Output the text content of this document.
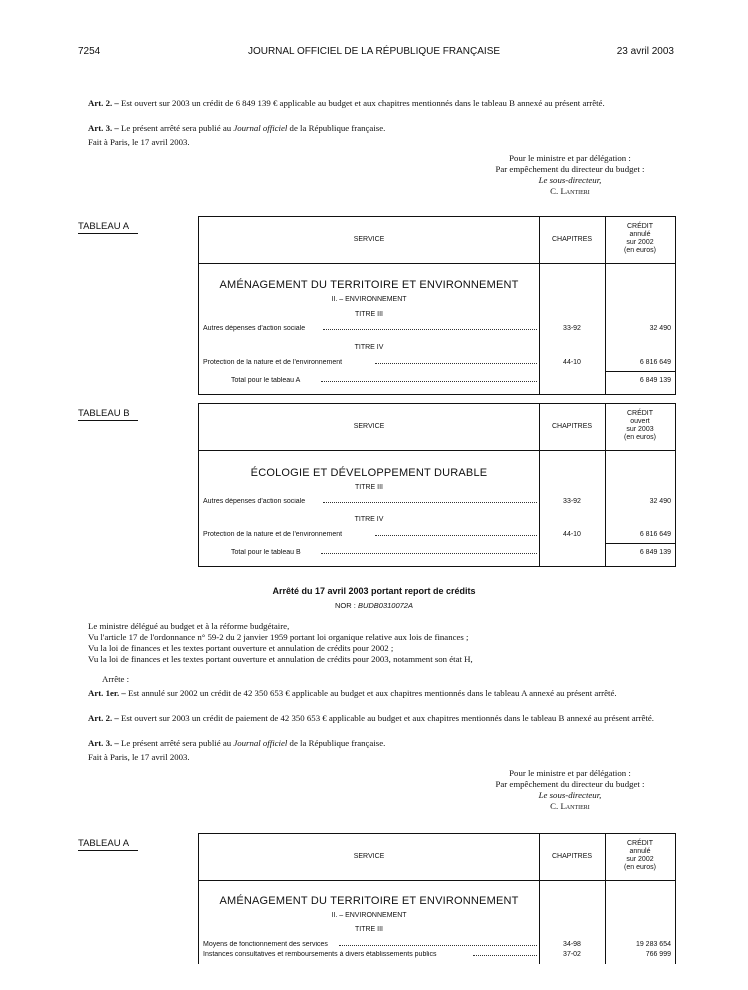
7254	JOURNAL OFFICIEL DE LA RÉPUBLIQUE FRANÇAISE	23 avril 2003
Art. 2. – Est ouvert sur 2003 un crédit de 6 849 139 € applicable au budget et aux chapitres mentionnés dans le tableau B annexé au présent arrêté.
Art. 3. – Le présent arrêté sera publié au Journal officiel de la République française.
Fait à Paris, le 17 avril 2003.
Pour le ministre et par délégation :
Par empêchement du directeur du budget :
Le sous-directeur,
C. Lantieri
TABLEAU A
SERVICE	CHAPITRES
CRÉDIT
annulé
sur 2002
(en euros)
AMÉNAGEMENT DU TERRITOIRE ET ENVIRONNEMENT
II. – ENVIRONNEMENT
TITRE III
Autres dépenses d'action sociale	33-92	32 490
TITRE IV
Protection de la nature et de l'environnement	44-10	6 816 649
Total pour le tableau A	6 849 139
TABLEAU B
SERVICE	CHAPITRES
CRÉDIT
ouvert
sur 2003
(en euros)
ÉCOLOGIE ET DÉVELOPPEMENT DURABLE
TITRE III
Autres dépenses d'action sociale	33-92	32 490
TITRE IV
Protection de la nature et de l'environnement	44-10	6 816 649
Total pour le tableau B	6 849 139
Arrêté du 17 avril 2003 portant report de crédits
NOR : BUDB0310072A
Le ministre délégué au budget et à la réforme budgétaire,
Vu l'article 17 de l'ordonnance n° 59-2 du 2 janvier 1959 portant loi organique relative aux lois de finances ;
Vu la loi de finances et les textes portant ouverture et annulation de crédits pour 2002 ;
Vu la loi de finances et les textes portant ouverture et annulation de crédits pour 2003, notamment son état H,
Arrête :
Art. 1er. – Est annulé sur 2002 un crédit de 42 350 653 € applicable au budget et aux chapitres mentionnés dans le tableau A annexé au présent arrêté.
Art. 2. – Est ouvert sur 2003 un crédit de paiement de 42 350 653 € applicable au budget et aux chapitres mentionnés dans le tableau B annexé au présent arrêté.
Art. 3. – Le présent arrêté sera publié au Journal officiel de la République française.
Fait à Paris, le 17 avril 2003.
Pour le ministre et par délégation :
Par empêchement du directeur du budget :
Le sous-directeur,
C. Lantieri
TABLEAU A
SERVICE	CHAPITRES
CRÉDIT
annulé
sur 2002
(en euros)
AMÉNAGEMENT DU TERRITOIRE ET ENVIRONNEMENT
II. – ENVIRONNEMENT
TITRE III
Moyens de fonctionnement des services	34-98	19 283 654
Instances consultatives et remboursements à divers établissements publics	37-02	766 999
